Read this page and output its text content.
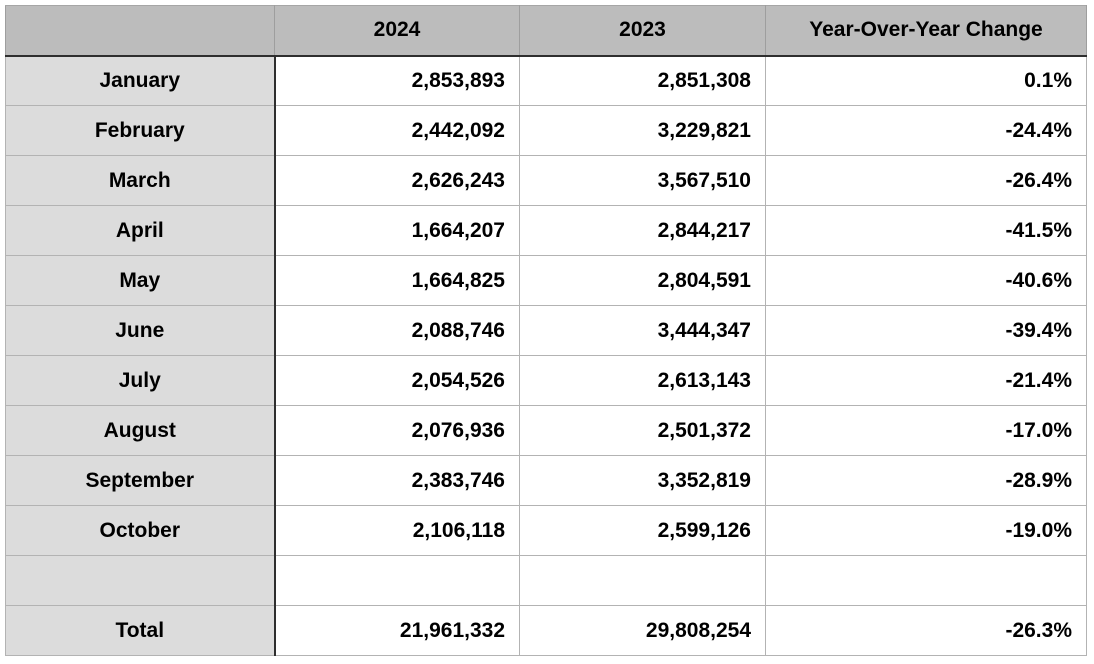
	2024	2023	Year-Over-Year Change
January	2,853,893	2,851,308	0.1%
February	2,442,092	3,229,821	-24.4%
March	2,626,243	3,567,510	-26.4%
April	1,664,207	2,844,217	-41.5%
May	1,664,825	2,804,591	-40.6%
June	2,088,746	3,444,347	-39.4%
July	2,054,526	2,613,143	-21.4%
August	2,076,936	2,501,372	-17.0%
September	2,383,746	3,352,819	-28.9%
October	2,106,118	2,599,126	-19.0%

Total	21,961,332	29,808,254	-26.3%
